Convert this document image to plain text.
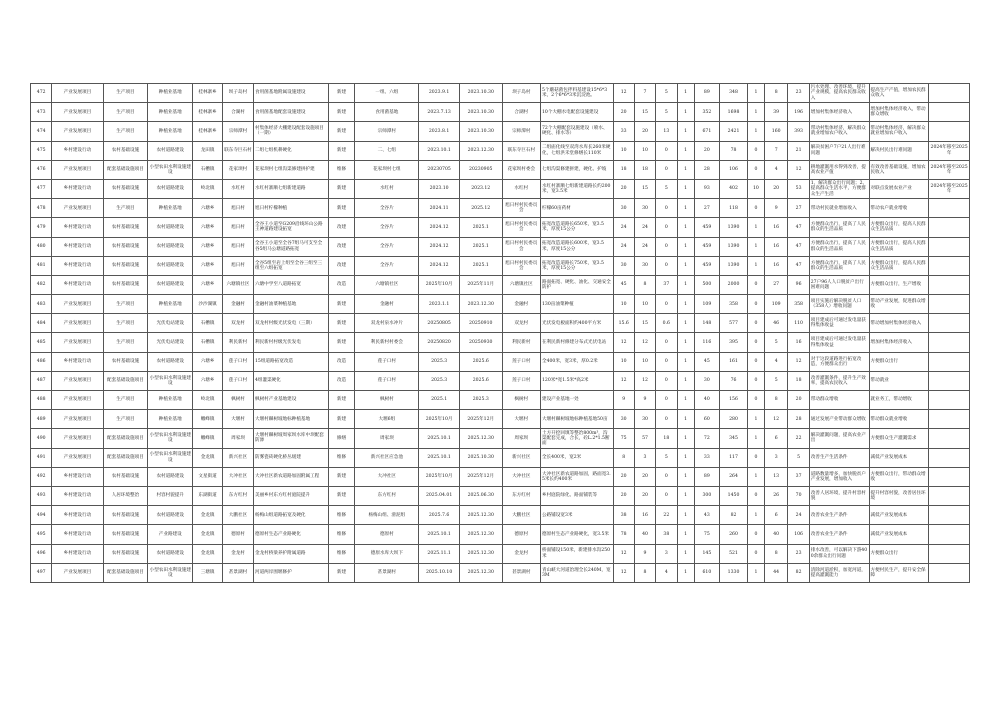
472	产业发展项目	生产项目	种植业基地	桂林寨乡	坝子岛村	食用菌基地附属设施建设	新建	一组、六组	2023.9.1	2023.10.30	坝子岛村	5个蘑菇菌包拌料基建设15*6*3米，2个6*6*3米沉淀池。	12	7	5	1	89	348	1	8	23	污水处理、改善环境，提升产业规模，提高农民群众收入	提高生产产值，增加农民群众收入	
473	产业发展项目	生产项目	种植业基地	桂林寨乡	合湖村	食用菌基地配套设施建设	新建	食用菌基地	2023.7.13	2023.10.30	合湖村	10个大棚水电配套设施建设	20	15	5	1	352	1698	1	39	196	增加村集体经济收入	增加村集体经济收入，带动群众增收	
474	产业发展项目	生产项目	种植业基地	桂林寨乡	宗师潭村	村集体经济大棚建设配套设施项目（一期）	新建	宗师潭村	2023.8.1	2023.10.30	宗师潭村	72个大棚配套设施建设（喷水、硬化、排水等）	33	20	13	1	671	2421	1	160	393	带动村集体经济，解决群众就业增加农户收入	带动村集体经济，解决群众就业增加农户收入	
475	乡村建设行动	农村基础设施	农村道路建设	龙田镇	联东寺巨石村	二组七组机耕硬化	新建	二、七组	2023.10.1	2023.12.30	联东寺巨石村	二组庙化线至双湾水库长260米硬化，七组洪禾堂修缮长110米	10	10	0	1	20	78	0	7	21	解决贫困户7户21人出行难问题	解决村民出行难问题	2024年移至2025年
476	产业发展项目	配套基础设施项目	小型农田水利设施建设	石槽镇	花家坝村	花家坝村七组沟渠修建拼护建	维修	花家坝村七组	20230705	20230905	花家坝村委会	七组沟渠修建拼建，硬化、护坡	18	18	0	1	28	106	0	4	12	耕地灌溉用水得到改善，提高农业产值	有效改善基础设施，增加农民收入	2024年移至2025年
477	乡村建设行动	农村基础设施	农村道路建设	岭北镇	水红村	水红村寨顺七组新建道路	新建	水红村	2023.10	2023.12	水红村	水红村寨顺七组新建道路长约200米，宽3.5米	20	15	5	1	93	402	10	20	53	1、解决群众出行问题；2、提高群众生活水平，方便群众生产生活	对联点发展农业产业	2024年移至2025年
478	产业发展项目	生产项目	种植业基地	六塘乡	旭日村	旭日村柠檬种植	新建	全谷片	2024.11	2025.12	旭日村村民委员会	柠檬60亩药材	30	30	0	1	27	118	0	9	27	带动村民就业增加收入	带动农户就业增收	
479	乡村建设行动	农村基础设施	农村道路建设	六塘乡	旭日村	全谷王小道至G209沿线环山公路王神道路建设拓宽	改建	全谷片	2024.12	2025.1	旭日村村民委员会	拓宽改造道路长650米，宽3.5米，厚度15公分	24	24	0	1	459	1390	1	16	47	方便群众出行，提高了人民群众的生活品质	方便群众出行，提高人民群众生活品质	
480	乡村建设行动	农村基础设施	农村道路建设	六塘乡	旭日村	全谷王小道至全谷7组马可支至全谷5组马公塘道路拓宽	改建	全谷片	2024.12	2025.1	旭日村村民委员会	拓宽改造道路长600米，宽3.5米，厚度15公分	24	24	0	1	459	1390	1	16	47	方便群众出行，提高了人民群众的生活品质	方便群众出行，提高人民群众生活品质	
481	乡村建设行动	农村基础设施	农村道路建设	六塘乡	旭日村	全谷5组至岩上组至全谷三组至三组至六组拓宽	改建	全谷片	2024.12	2025.1	旭日村村民委员会	拓宽改造道路长750米，宽3.5米，厚度15公分	30	30	0	1	459	1390	1	16	47	方便群众出行，提高了人民群众的生活品质	方便群众出行，提高人民群众生活品质	
482	乡村建设行动	农村基础设施	农村道路建设	六塘乡	六塘镇社区	六塘中学至八道路拓宽	改造	六塘镇社区	2025年10月	2025年11月	六塘镇社区	路面拓宽、硬化、油化、交通安全防护	45	8	37	1	500	2000	0	27	96	27户96人人口脱贫户出行困难问题	方便群众出行，生产增收	
483	产业发展项目	生产项目	种植业基地	沙沙湖镇	金融村	金融村油菜种植基地	新建	金融村	2023.1.1	2023.12.30	金融村	130亩油菜种植	10	10	0	1	109	358	0	109	358	项目实施后解决脱贫人口（358人）增收问题	带动产业发展，促进群众增收	
484	产业发展项目	生产项目	光伏电站建设	石槽镇	双龙村	双龙村村级光伏发电（三期）	新建	双龙村泉水冲片	20250805	20250910	双龙村	光伏发电板面积约400平方米	15.6	15	0.6	1	148	577	0	46	110	项目建成后可通过发电量获得集体收益	带动增加村集体经济收入	
485	产业发展项目	生产项目	光伏电站建设	石槽镇	利民新村	利民新村村级光伏发电	新建	利民新村村委会	20250820	20250930	利民新村	在利民新村修建分布式光伏电站	12	12	0	1	116	395	0	5	16	项目建成后可通过发电量获得集体收益	增加村集体经济收入	
486	乡村建设行动	农村基础设施	农村道路建设	六塘乡	莲子口村	15组道路拓宽改造	改造	莲子口村	2025.3	2025.6	莲子口村	全400米，宽3米，厚0.2米	10	10	0	1	45	161	0	4	12	对于这段道路进行拓宽改造，方便群众出行	方便群众出行	
487	产业发展项目	配套基础设施项目	小型农田水利设施建设	六塘乡	莲子口村	4组灌渠硬化	改造	莲子口村	2025.3	2025.6	莲子口村	120米*宽1.5米*高2米	12	12	0	1	30	76	0	5	18	改善灌溉条件，提升生产效率，提高农民收入	带动就业	
488	产业发展项目	生产项目	种植业基地	岭北镇	枫树村	枫树村产业基地建设	新建	枫树村	2025.1	2025.3	枫树村	建设产业基地一处	9	9	0	1	40	156	0	8	20	带动群众增收	就业务工，带动增收	
489	产业发展项目	生产项目	种植业基地	嫩峰镇	大堰村	大堰村棘树坡地标种植基地	新建	大堰6组	2025年10月	2025年12月	大堰村	大堰村棘树坡地标种植基地50亩	30	30	0	1	60	280	1	12	28	通过发展产业带动群众增收	带动群众就业增收	
490	产业发展项目	配套基础设施项目	小型农田水利设施建设	嫩峰镇	周家坝	大堰村棘树坡周家坝水库中坝配套防渗	修缮	周家坝	2025.10.1	2025.12.30	周家坝	土方开挖回填等整治800m³，沟渠配套完成，合长，砼L.2*1.5断面	75	57	18	1	72	345	1	6	22	解决灌溉问题，提高农业产出	方便群众生产灌溉需求	
491	产业发展项目	配套基础设施项目	小型农田水利设施建设	金龙镇	新兴社区	防雾瓷砖硬化桥丛缓建	维修	新兴社区应急池	2025.10.1	2025.10.30	新兴社区	全长400米，宽2米	8	3	5	1	33	117	0	3	5	改善生产生活条件	减低产业发展成本	
492	乡村建设行动	农村基础设施	农村道路建设	文星街道	大冲社区	大冲社区新农道路加固附属工程	新建	大冲社区	2025年10月	2025年12月	大冲社区	大冲社区新农道路加固，路面宽3.5米长约400米	20	20	0	1	89	264	1	13	37	道路数量增多，加快脱贫户产业发展，增加收入	方便群众出行，带动群众增收	
493	乡村建设行动	人居环境整治	村容村貌提升	东湖街道	东方红村	美丽乡村东方红村庭院提升	新建	东方红村	2025.04.01	2025.06.30	东方红村	乡村庭院绿化、路面铺装等	20	20	0	1	300	1450	0	26	70	改善人居环境，提升村容村貌	提升村容村貌，改善居住环境	
494	乡村建设行动	农村基础设施	农村道路建设	金龙镇	大鹏社区	杨梅山组道路拓宽及硬化	维修	杨梅山组、滑泥组	2025.7.6	2025.12.30	大鹏社区	公路铺设宽3米	38	16	22	1	43	82	1	6	24	改善农业生产条件	减低产业发展成本	
495	乡村建设行动	农村基础设施	产业路建设	金龙镇	德原村	德原村生态产业路硬化	维修	德原村	2025.10.1	2025.12.30	德原村	德原村生态产业路硬化，宽3.5米	78	40	38	1	75	260	0	40	106	改善农业生产条件	减低产业发展成本	
496	乡村建设行动	农村基础设施	农村道路建设	金龙镇	金龙村	金龙村桥梁养护附属道路	维修	德原水库大坝下	2025.11.1	2025.12.30	金龙村	桥面铺设150米，新建排水沟250米	12	9	3	1	145	521	0	8	23	排水改善，可以解决下游400余群众出行问题	方便群众出行	
497	产业发展项目	配套基础设施项目	小型农田水利设施建设	三塘镇	甚景湖村	河道两岸围堰修护	新建	甚景湖村	2025.10.10	2025.12.30	甚景湖村	青山峡大河道治理全长240M，宽3M	12	8	4	1	610	1330	1	44	82	清除河道淤积，加宽河道，提高灌溉能力	方便村民生产，提升安全保障	
